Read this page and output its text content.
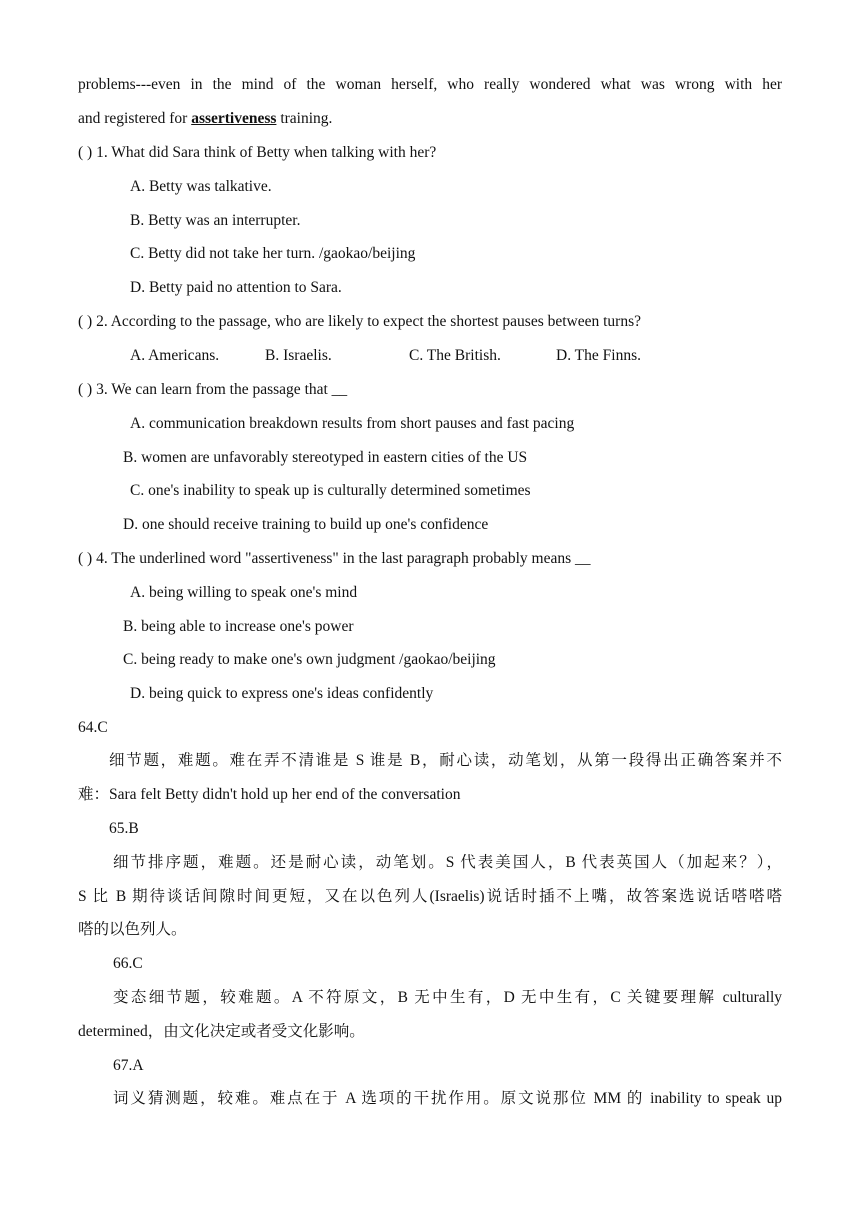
problems---even in the mind of the woman herself, who really wondered what was wrong with her
and registered for assertiveness training.
( ) 1. What did Sara think of Betty when talking with her?
A. Betty was talkative.
B. Betty was an interrupter.
C. Betty did not take her turn. /gaokao/beijing
D. Betty paid no attention to Sara.
( ) 2. According to the passage, who are likely to expect the shortest pauses between turns?
A. Americans.	B. Israelis.	C. The British.	D. The Finns.
( ) 3. We can learn from the passage that __
A. communication breakdown results from short pauses and fast pacing
B. women are unfavorably stereotyped in eastern cities of the US
C. one's inability to speak up is culturally determined sometimes
D. one should receive training to build up one's confidence
( ) 4. The underlined word "assertiveness" in the last paragraph probably means __
A. being willing to speak one's mind
B. being able to increase one's power
C. being ready to make one's own judgment /gaokao/beijing
D. being quick to express one's ideas confidently
64.C
细节题，难题。难在弄不清谁是 S 谁是 B，耐心读，动笔划，从第一段得出正确答案并不
难：Sara felt Betty didn't hold up her end of the conversation
65.B
细节排序题，难题。还是耐心读，动笔划。S 代表美国人，B 代表英国人（加起来？），
S 比 B 期待谈话间隙时间更短，又在以色列人(Israelis)说话时插不上嘴，故答案选说话嗒嗒嗒
嗒的以色列人。
66.C
变态细节题，较难题。A 不符原文，B 无中生有，D 无中生有，C 关键要理解 culturally
determined，由文化决定或者受文化影响。
67.A
词义猜测题，较难。难点在于 A 选项的干扰作用。原文说那位 MM 的 inability to speak up
